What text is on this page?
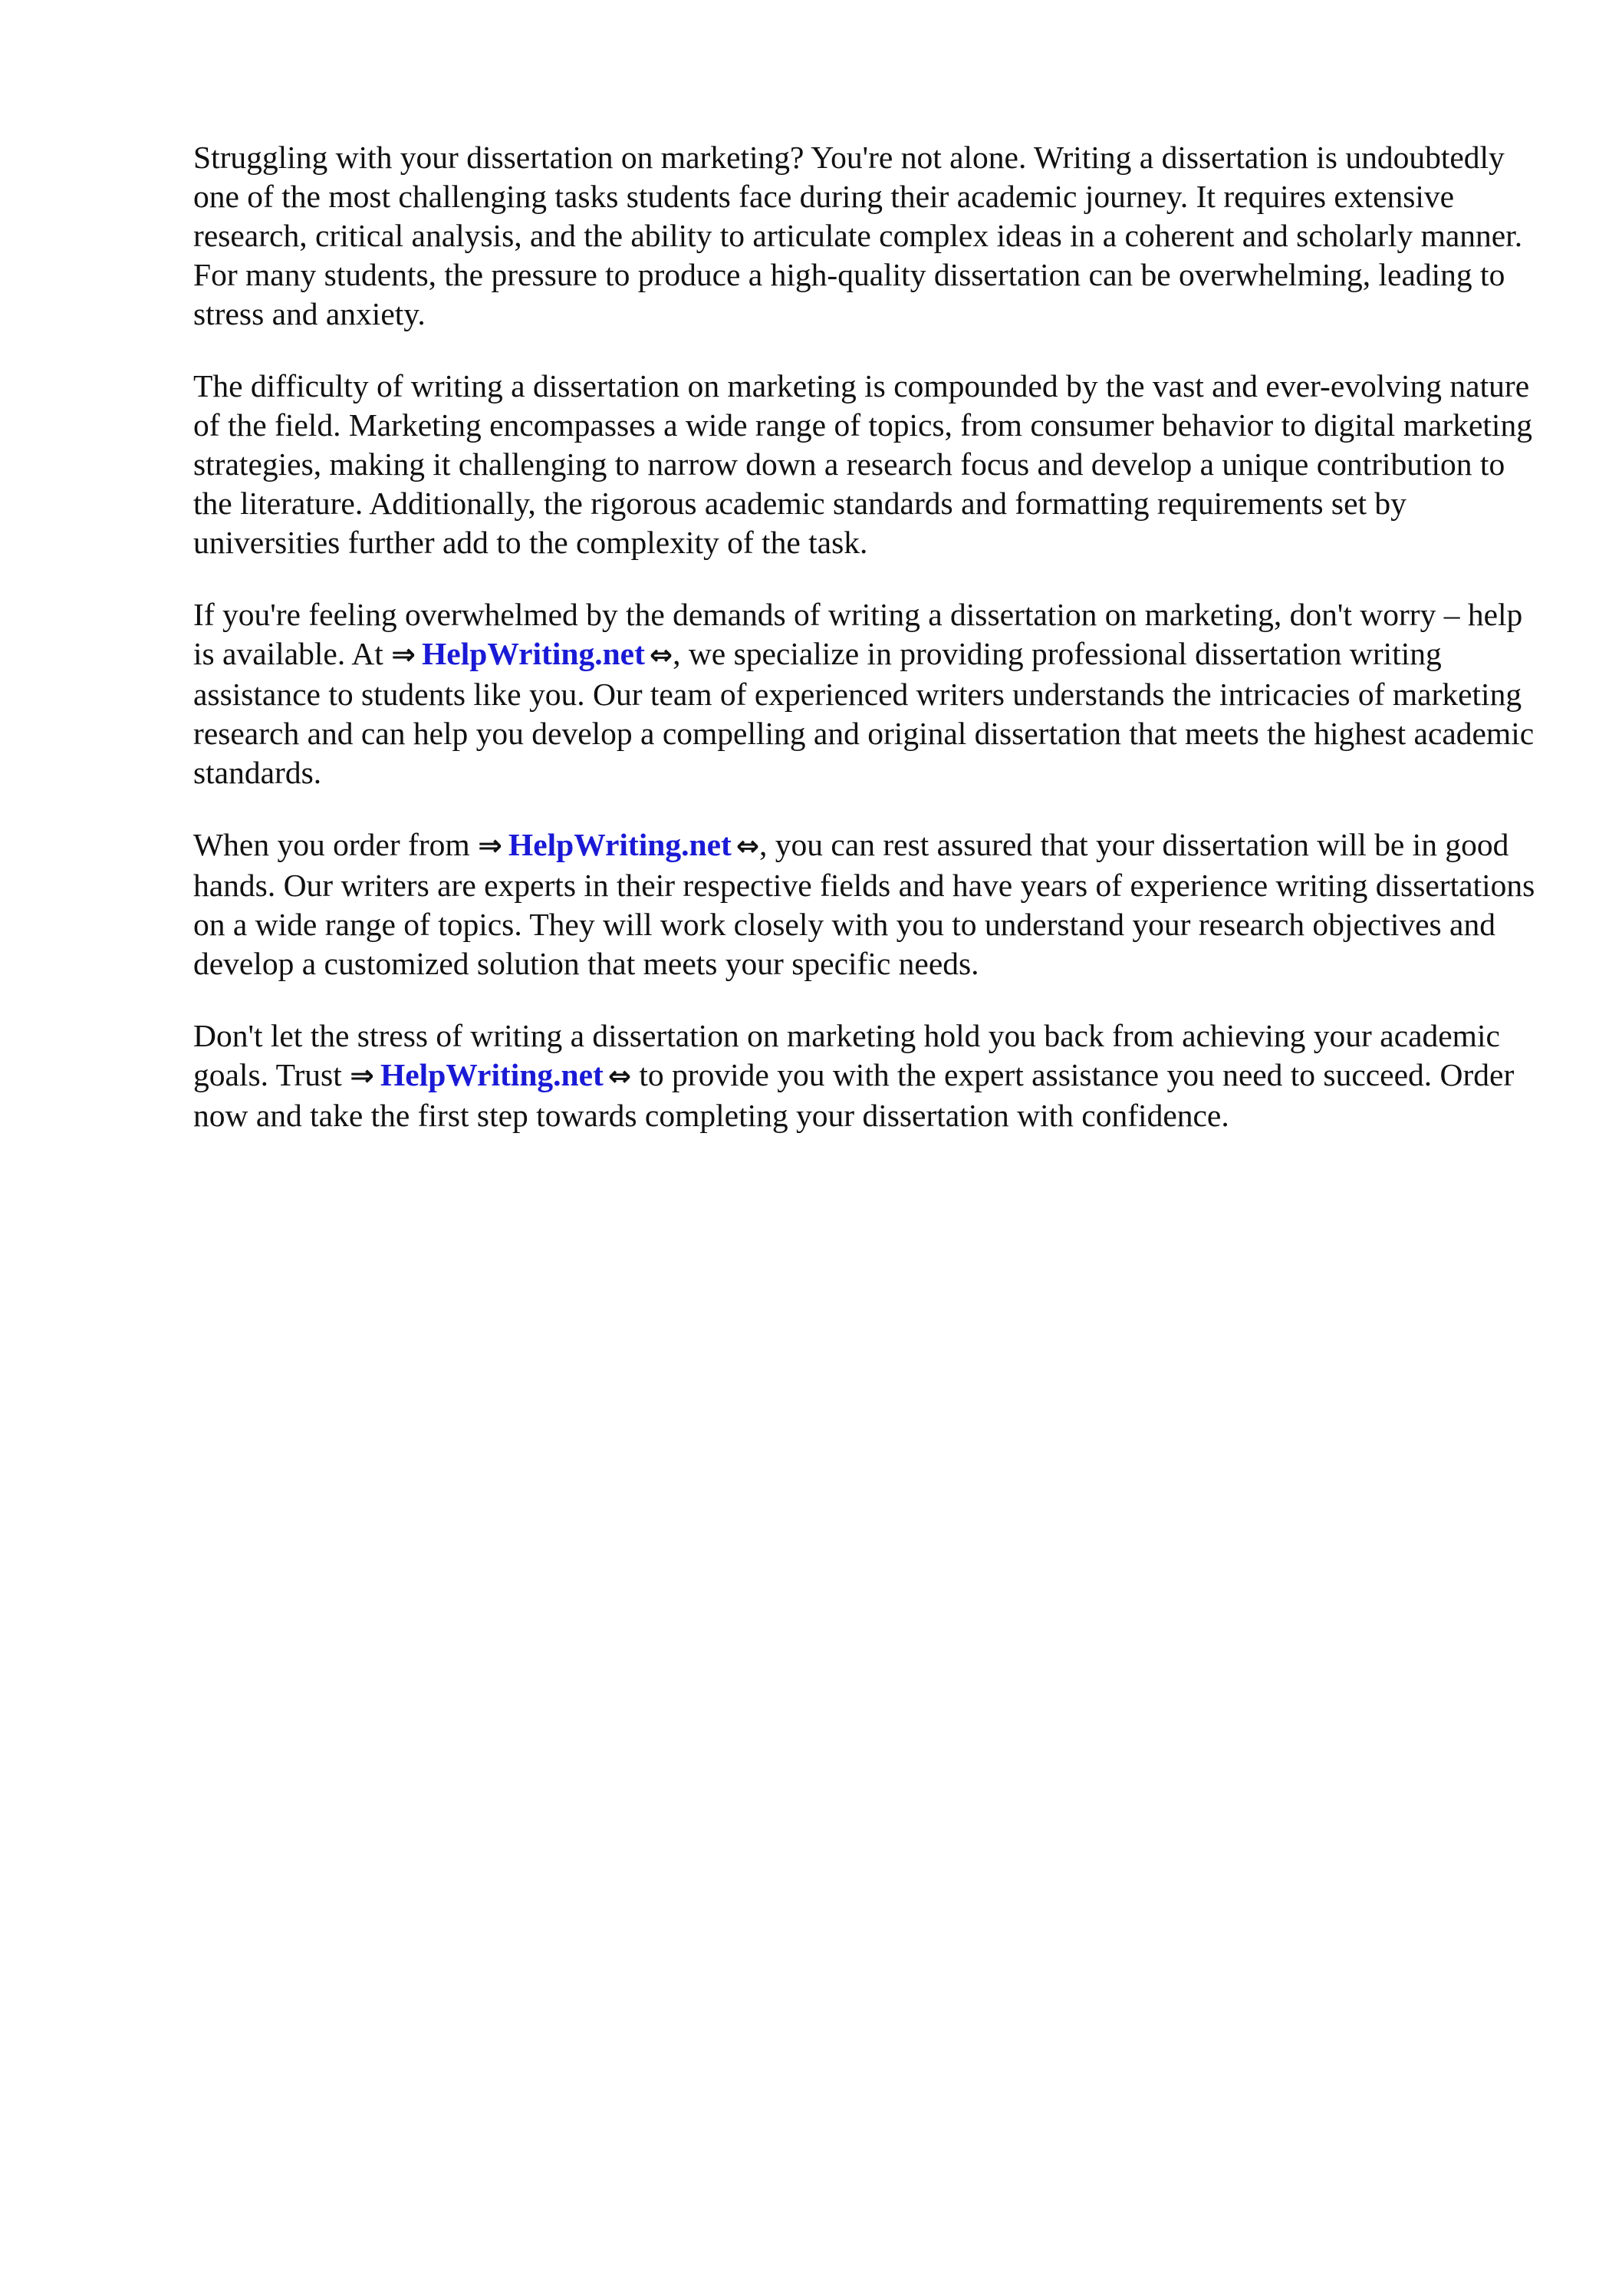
Struggling with your dissertation on marketing? You're not alone. Writing a dissertation is undoubtedly one of the most challenging tasks students face during their academic journey. It requires extensive research, critical analysis, and the ability to articulate complex ideas in a coherent and scholarly manner. For many students, the pressure to produce a high-quality dissertation can be overwhelming, leading to stress and anxiety.

The difficulty of writing a dissertation on marketing is compounded by the vast and ever-evolving nature of the field. Marketing encompasses a wide range of topics, from consumer behavior to digital marketing strategies, making it challenging to narrow down a research focus and develop a unique contribution to the literature. Additionally, the rigorous academic standards and formatting requirements set by universities further add to the complexity of the task.

If you're feeling overwhelmed by the demands of writing a dissertation on marketing, don't worry – help is available. At ⇒ HelpWriting.net ⇔, we specialize in providing professional dissertation writing assistance to students like you. Our team of experienced writers understands the intricacies of marketing research and can help you develop a compelling and original dissertation that meets the highest academic standards.

When you order from ⇒ HelpWriting.net ⇔, you can rest assured that your dissertation will be in good hands. Our writers are experts in their respective fields and have years of experience writing dissertations on a wide range of topics. They will work closely with you to understand your research objectives and develop a customized solution that meets your specific needs.

Don't let the stress of writing a dissertation on marketing hold you back from achieving your academic goals. Trust ⇒ HelpWriting.net ⇔ to provide you with the expert assistance you need to succeed. Order now and take the first step towards completing your dissertation with confidence.
